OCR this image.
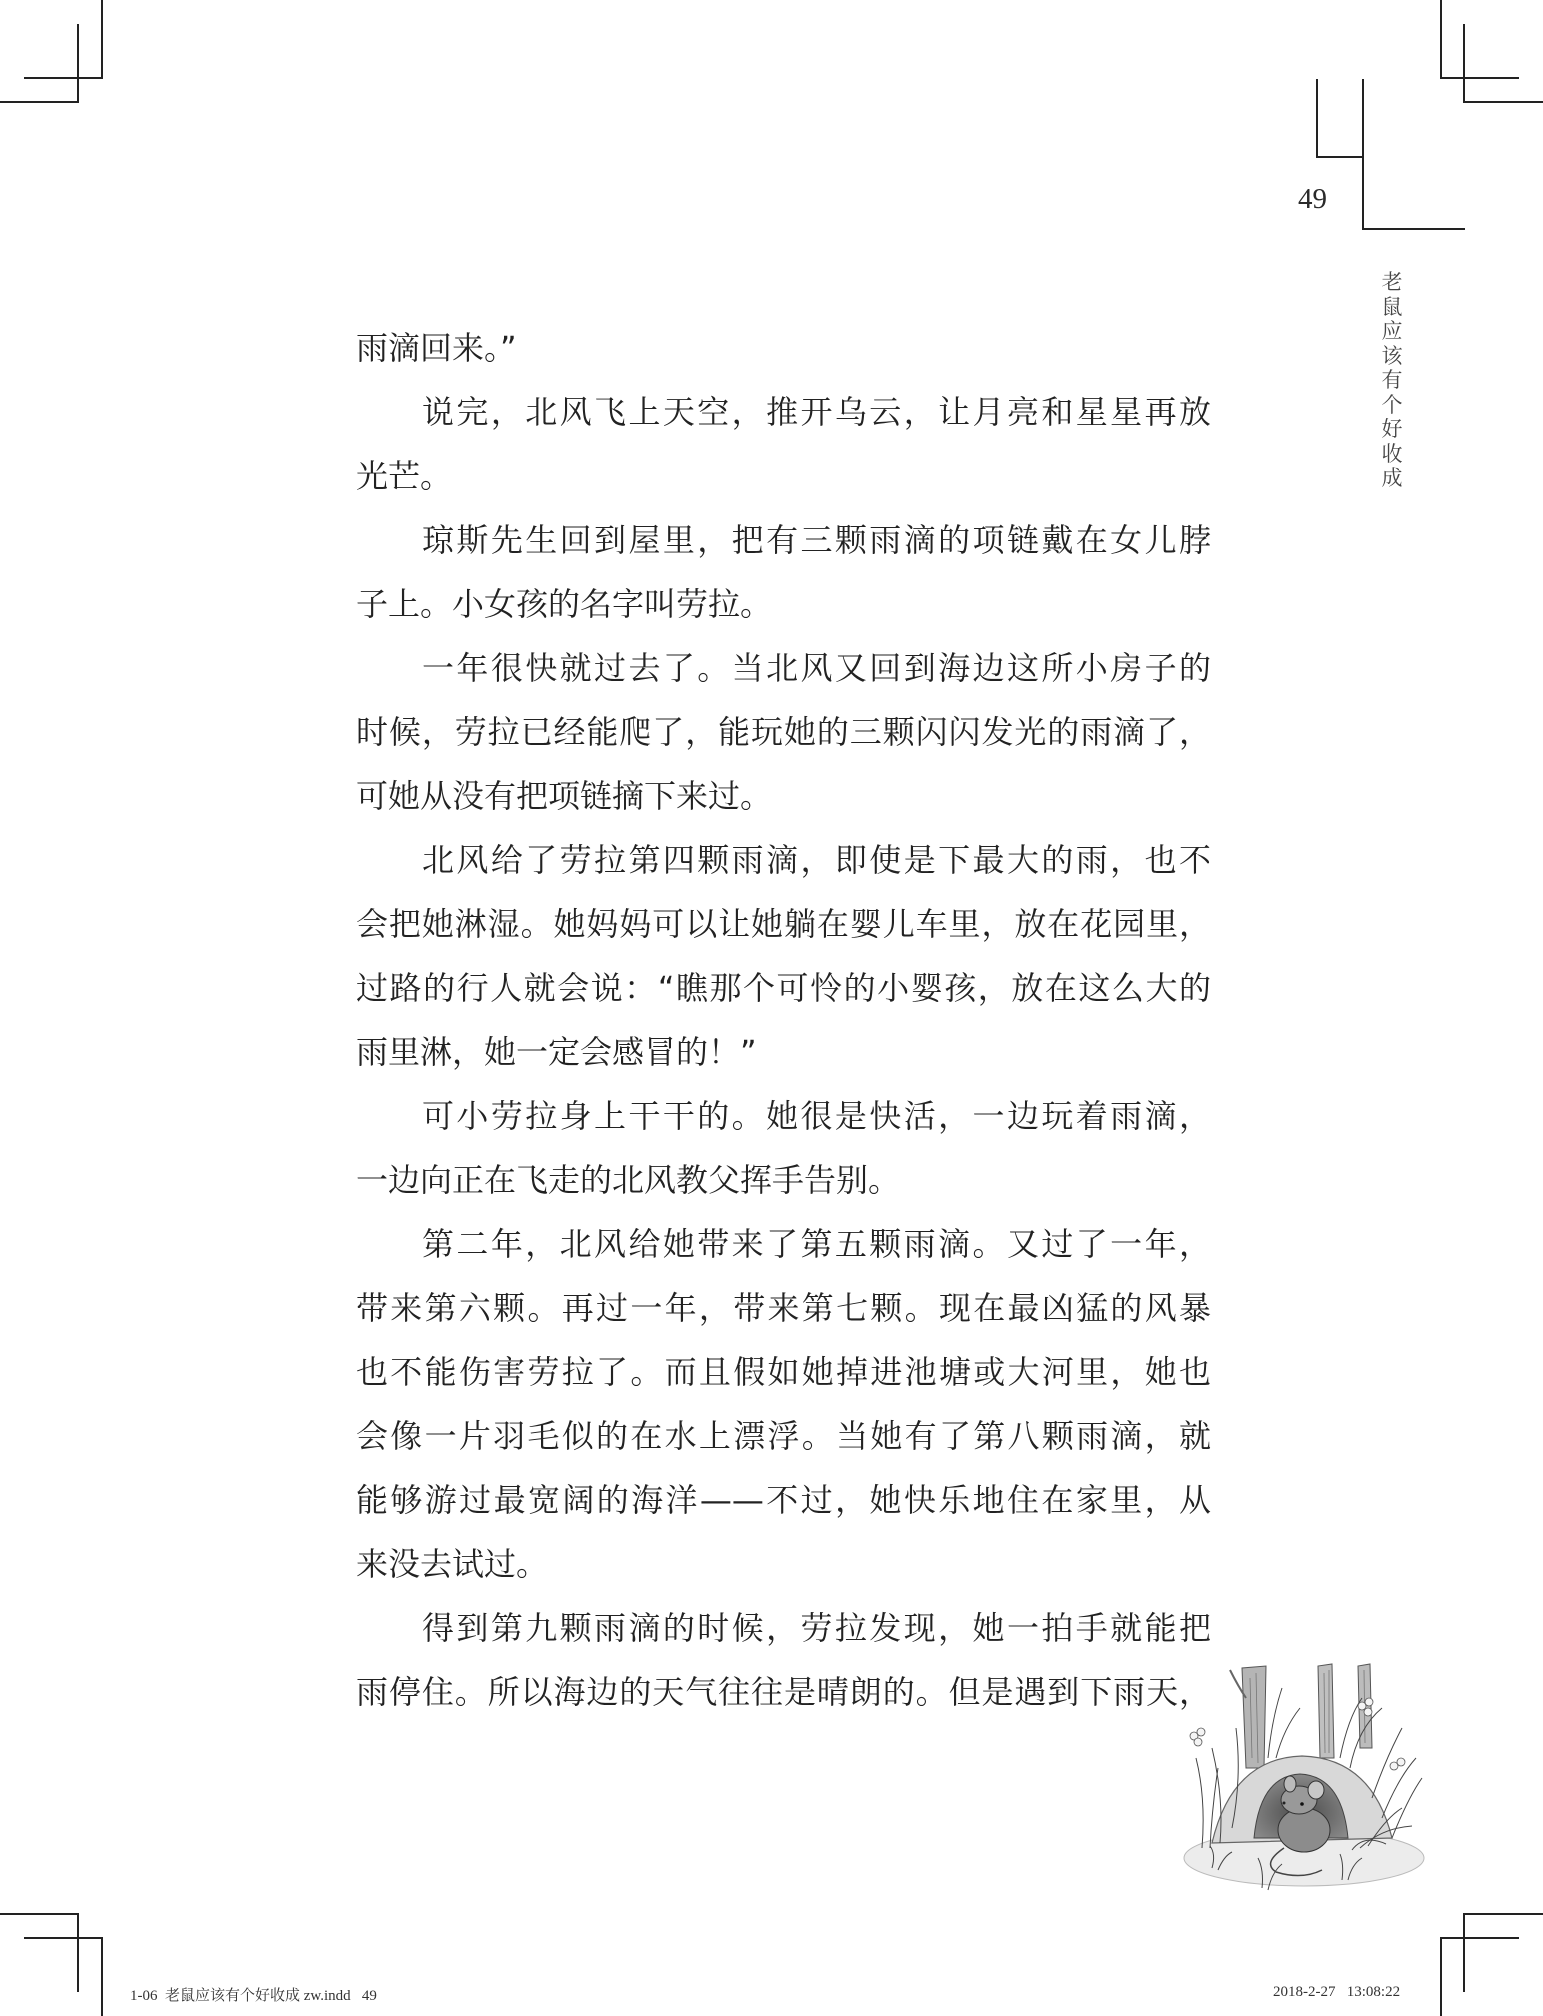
49
老
鼠
应
该
有
个
好
收
成
雨滴回来。”
说完，北风飞上天空，推开乌云，让月亮和星星再放
光芒。
琼斯先生回到屋里，把有三颗雨滴的项链戴在女儿脖
子上。小女孩的名字叫劳拉。
一年很快就过去了。当北风又回到海边这所小房子的
时候，劳拉已经能爬了，能玩她的三颗闪闪发光的雨滴了，
可她从没有把项链摘下来过。
北风给了劳拉第四颗雨滴，即使是下最大的雨，也不
会把她淋湿。她妈妈可以让她躺在婴儿车里，放在花园里，
过路的行人就会说：“瞧那个可怜的小婴孩，放在这么大的
雨里淋，她一定会感冒的！”
可小劳拉身上干干的。她很是快活，一边玩着雨滴，
一边向正在飞走的北风教父挥手告别。
第二年，北风给她带来了第五颗雨滴。又过了一年，
带来第六颗。再过一年，带来第七颗。现在最凶猛的风暴
也不能伤害劳拉了。而且假如她掉进池塘或大河里，她也
会像一片羽毛似的在水上漂浮。当她有了第八颗雨滴，就
能够游过最宽阔的海洋——不过，她快乐地住在家里，从
来没去试过。
得到第九颗雨滴的时候，劳拉发现，她一拍手就能把
雨停住。所以海边的天气往往是晴朗的。但是遇到下雨天，
1-06  老鼠应该有个好收成 zw.indd   49	2018-2-27   13:08:22
